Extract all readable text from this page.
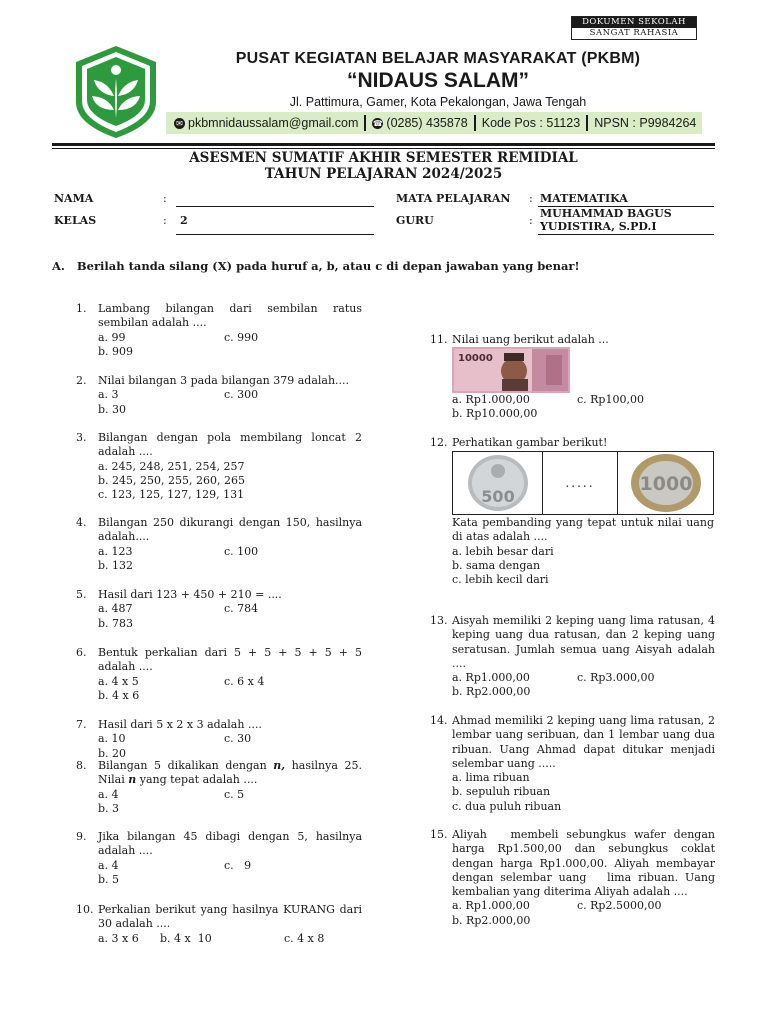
DOKUMEN SEKOLAH
SANGAT RAHASIA
PUSAT KEGIATAN BELAJAR MASYARAKAT (PKBM)
“NIDAUS SALAM”
Jl. Pattimura, Gamer, Kota Pekalongan, Jawa Tengah
✉ pkbmnidaussalam@gmail.com ☎ (0285) 435878 Kode Pos : 51123 NPSN : P9984264
ASESMEN SUMATIF AKHIR SEMESTER REMIDIAL
TAHUN PELAJARAN 2024/2025
NAMA	:
KELAS	: 2
MATA PELAJARAN : MATEMATIKA
GURU	:
MUHAMMAD BAGUS
YUDISTIRA, S.PD.I
A.   Berilah tanda silang (X) pada huruf a, b, atau c di depan jawaban yang benar!
1. Lambang bilangan dari sembilan ratus sembilan adalah ....
a. 99	c. 990
b. 909
2. Nilai bilangan 3 pada bilangan 379 adalah....
a. 3	c. 300
b. 30
3. Bilangan dengan pola membilang loncat 2 adalah ....
a. 245, 248, 251, 254, 257
b. 245, 250, 255, 260, 265
c. 123, 125, 127, 129, 131
4. Bilangan 250 dikurangi dengan 150, hasilnya adalah....
a. 123	c. 100
b. 132
5. Hasil dari 123 + 450 + 210 = ....
a. 487	c. 784
b. 783
6. Bentuk perkalian dari 5 + 5 + 5 + 5 + 5 adalah ....
a. 4 x 5	c. 6 x 4
b. 4 x 6
7. Hasil dari 5 x 2 x 3 adalah ....
a. 10	c. 30
b. 20
8. Bilangan 5 dikalikan dengan n, hasilnya 25. Nilai n yang tepat adalah ....
a. 4	c. 5
b. 3
9. Jika bilangan 45 dibagi dengan 5, hasilnya adalah ....
a. 4	c.   9
b. 5
10. Perkalian berikut yang hasilnya KURANG dari 30 adalah ....
a. 3 x 6 b. 4 x  10	c. 4 x 8
11. Nilai uang berikut adalah ...
10000
a. Rp1.000,00	c. Rp100,00
b. Rp10.000,00
12. Perhatikan gambar berikut!
500
.....	1000
Kata pembanding yang tepat untuk nilai uang di atas adalah ....
a. lebih besar dari
b. sama dengan
c. lebih kecil dari
13. Aisyah memiliki 2 keping uang lima ratusan, 4 keping uang dua ratusan, dan 2 keping uang seratusan. Jumlah semua uang Aisyah adalah ....
a. Rp1.000,00	c. Rp3.000,00
b. Rp2.000,00
14. Ahmad memiliki 2 keping uang lima ratusan, 2 lembar uang seribuan, dan 1 lembar uang dua ribuan. Uang Ahmad dapat ditukar menjadi selembar uang .....
a. lima ribuan
b. sepuluh ribuan
c. dua puluh ribuan
15. Aliyah   membeli sebungkus wafer dengan harga Rp1.500,00 dan sebungkus coklat dengan harga Rp1.000,00. Aliyah membayar dengan selembar uang   lima ribuan. Uang kembalian yang diterima Aliyah adalah ....
a. Rp1.000,00	c. Rp2.5000,00
b. Rp2.000,00
